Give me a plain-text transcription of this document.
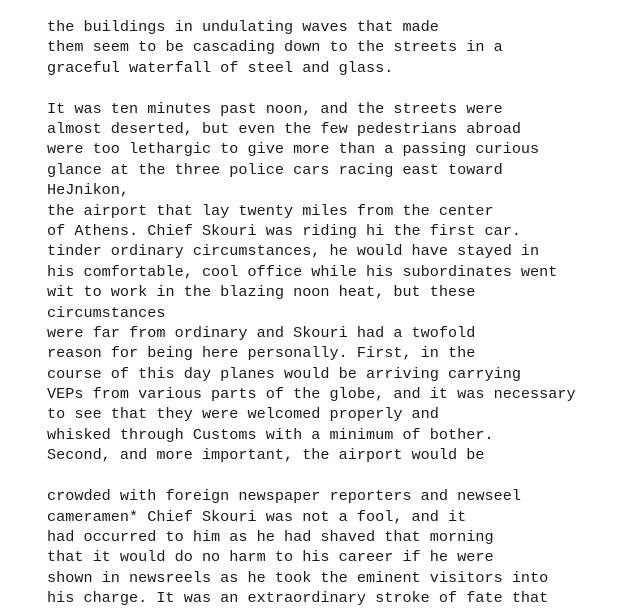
the buildings in undulating waves that made
them seem to be cascading down to the streets in a
graceful waterfall of steel and glass.
It was ten minutes past noon, and the streets were
almost deserted, but even the few pedestrians abroad
were too lethargic to give more than a passing curious
glance at the three police cars racing east toward
HeJnikon,
the airport that lay twenty miles from the center
of Athens. Chief Skouri was riding hi the first car.
tinder ordinary circumstances, he would have stayed in
his comfortable, cool office while his subordinates went
wit to work in the blazing noon heat, but these
circumstances
were far from ordinary and Skouri had a twofold
reason for being here personally. First, in the
course of this day planes would be arriving carrying
VEPs from various parts of the globe, and it was necessary
to see that they were welcomed properly and
whisked through Customs with a minimum of bother.
Second, and more important, the airport would be
crowded with foreign newspaper reporters and newseel
cameramen* Chief Skouri was not a fool, and it
had occurred to him as he had shaved that morning
that it would do no harm to his career if he were
shown in newsreels as he took the eminent visitors into
his charge. It was an extraordinary stroke of fate that
